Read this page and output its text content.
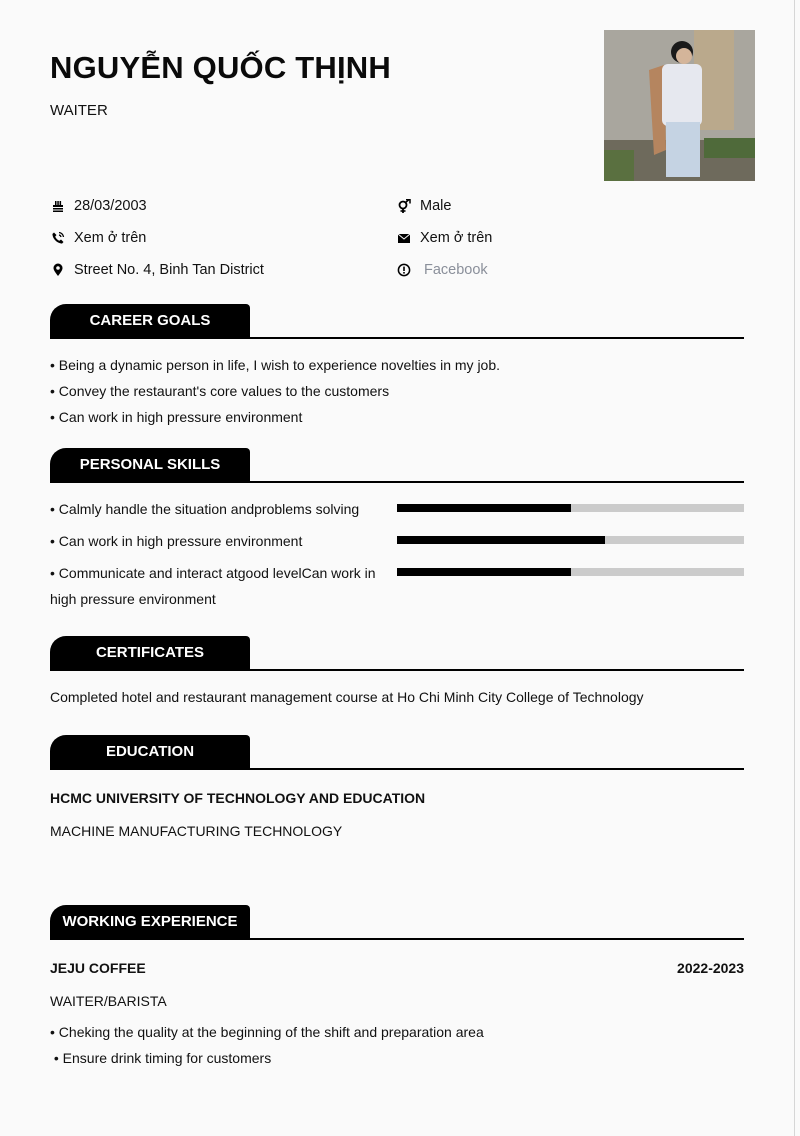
NGUYỄN QUỐC THỊNH
WAITER
28/03/2003
Xem ở trên
Street No. 4, Binh Tan District
Male
Xem ở trên
Facebook
CAREER GOALS
• Being a dynamic person in life, I wish to experience novelties in my job.
• Convey the restaurant's core values to the customers
• Can work in high pressure environment
PERSONAL SKILLS
• Calmly handle the situation andproblems solving
• Can work in high pressure environment
• Communicate and interact atgood levelCan work in
high pressure environment
CERTIFICATES
Completed hotel and restaurant management course at Ho Chi Minh City College of Technology
EDUCATION
HCMC UNIVERSITY OF TECHNOLOGY AND EDUCATION
MACHINE MANUFACTURING TECHNOLOGY
WORKING EXPERIENCE
JEJU COFFEE	2022-2023
WAITER/BARISTA
• Cheking the quality at the beginning of the shift and preparation area
• Ensure drink timing for customers
